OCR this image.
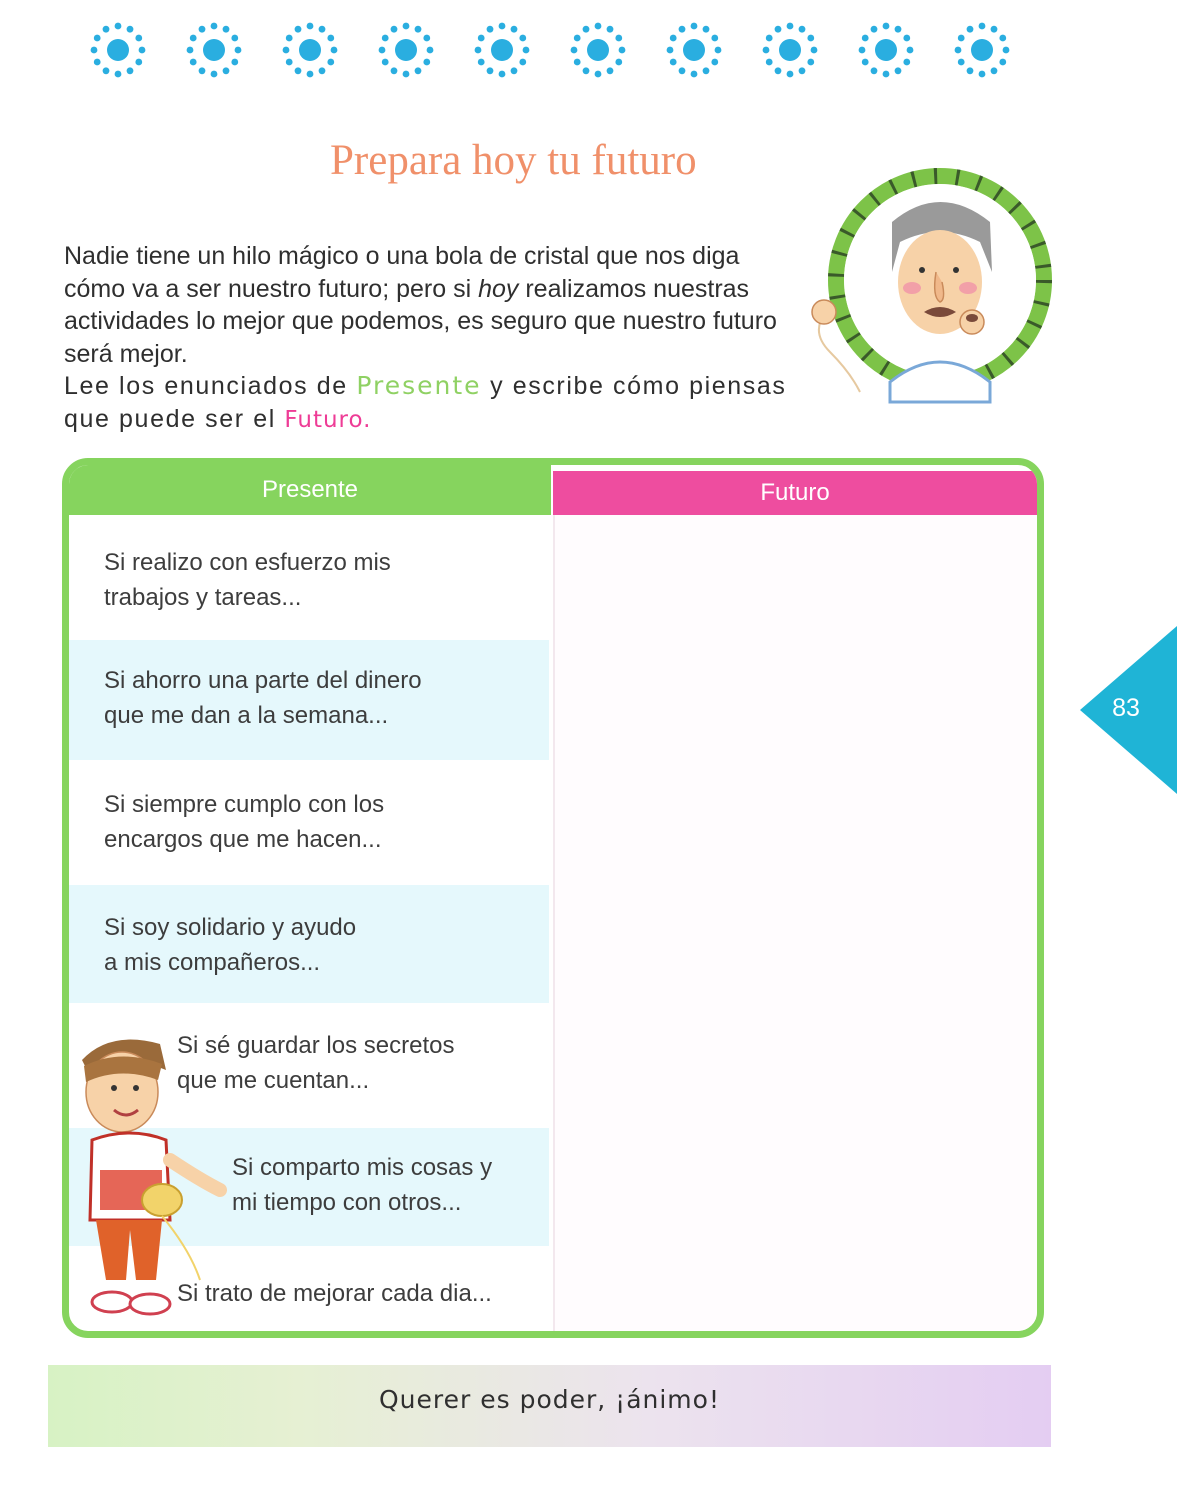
Prepara hoy tu futuro

Nadie tiene un hilo mágico o una bola de cristal que nos diga cómo va a ser nuestro futuro; pero si hoy realizamos nuestras actividades lo mejor que podemos, es seguro que nuestro futuro será mejor.

Lee los enunciados de Presente y escribe cómo piensas que puede ser el Futuro.

Presente	Futuro
Si realizo con esfuerzo mis
trabajos y tareas...
Si ahorro una parte del dinero
que me dan a la semana...
Si siempre cumplo con los
encargos que me hacen...
Si soy solidario y ayudo
a mis compañeros...
Si sé guardar los secretos
que me cuentan...
Si comparto mis cosas y
mi tiempo con otros...
Si trato de mejorar cada dia...
83
Querer es poder, ¡ánimo!
